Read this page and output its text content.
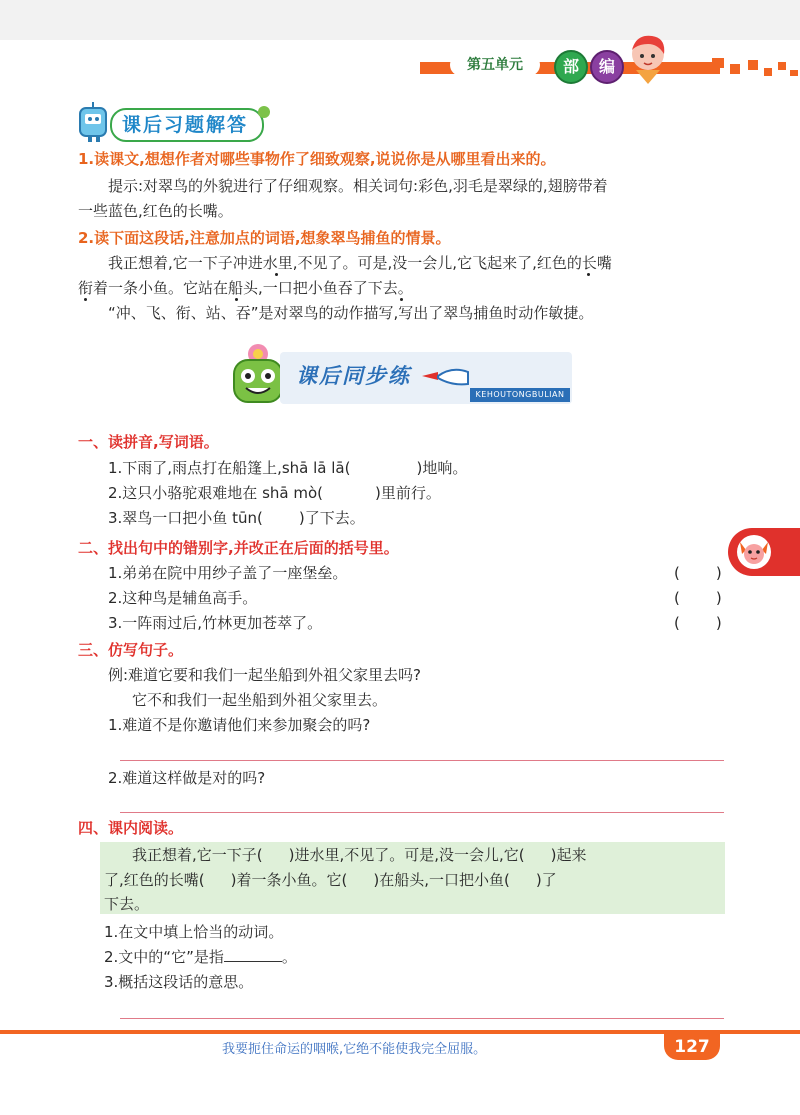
第五单元	部	编
课后习题解答
1.读课文,想想作者对哪些事物作了细致观察,说说你是从哪里看出来的。
提示:对翠鸟的外貌进行了仔细观察。相关词句:彩色,羽毛是翠绿的,翅膀带着
一些蓝色,红色的长嘴。
2.读下面这段话,注意加点的词语,想象翠鸟捕鱼的情景。
我正想着,它一下子冲进水里,不见了。可是,没一会儿,它飞起来了,红色的长嘴
衔着一条小鱼。它站在船头,一口把小鱼吞了下去。
“冲、飞、衔、站、吞”是对翠鸟的动作描写,写出了翠鸟捕鱼时动作敏捷。
课后同步练
KEHOUTONGBULIAN
一、读拼音,写词语。
1.下雨了,雨点打在船篷上,shā lā lā(	)地响。
2.这只小骆驼艰难地在 shā mò(	)里前行。
3.翠鸟一口把小鱼 tūn( )了下去。
二、找出句中的错别字,并改正在后面的括号里。
1.弟弟在院中用纱子盖了一座堡垒。	( )
2.这种鸟是辅鱼高手。	( )
3.一阵雨过后,竹林更加苍萃了。	( )
三、仿写句子。
例:难道它要和我们一起坐船到外祖父家里去吗?
它不和我们一起坐船到外祖父家里去。
1.难道不是你邀请他们来参加聚会的吗?
2.难道这样做是对的吗?
四、课内阅读。
我正想着,它一下子( )进水里,不见了。可是,没一会儿,它( )起来
了,红色的长嘴( )着一条小鱼。它( )在船头,一口把小鱼( )了
下去。
1.在文中填上恰当的动词。
2.文中的“它”是指	。
3.概括这段话的意思。
我要扼住命运的咽喉,它绝不能使我完全屈服。	127
